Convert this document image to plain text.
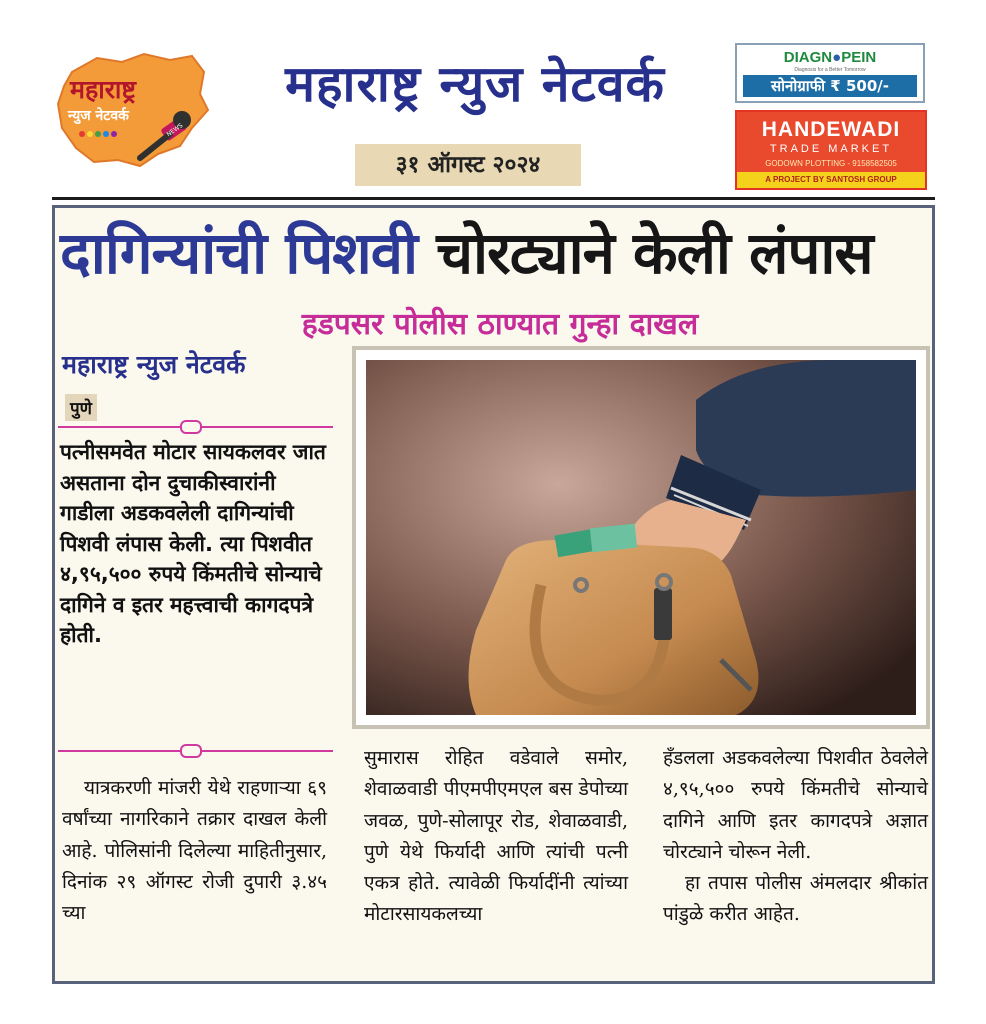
महाराष्ट्र
न्युज नेटवर्क
NEWS
महाराष्ट्र न्युज नेटवर्क
३१ ऑगस्ट २०२४
DIAGN●PEIN
Diagnosis for a Better Tomorrow
सोनोग्राफी ₹ 500/-
HANDEWADI
TRADE MARKET
GODOWN PLOTTING - 9158582505
A PROJECT BY SANTOSH GROUP
दागिन्यांची पिशवी चोरट्याने केली लंपास
हडपसर पोलीस ठाण्यात गुन्हा दाखल
महाराष्ट्र न्युज नेटवर्क
पुणे
पत्नीसमवेत मोटार सायकलवर जात असताना दोन दुचाकीस्वारांनी गाडीला अडकवलेली दागिन्यांची पिशवी लंपास केली. त्या पिशवीत ४,९५,५०० रुपये किंमतीचे सोन्याचे दागिने व इतर महत्त्वाची कागदपत्रे होती.
यात्रकरणी मांजरी येथे राहणाऱ्या ६९ वर्षांच्या नागरिकाने तक्रार दाखल केली आहे. पोलिसांनी दिलेल्या माहितीनुसार, दिनांक २९ ऑगस्ट रोजी दुपारी ३.४५ च्या
सुमारास रोहित वडेवाले समोर, शेवाळवाडी पीएमपीएमएल बस डेपोच्या जवळ, पुणे-सोलापूर रोड, शेवाळवाडी, पुणे येथे फिर्यादी आणि त्यांची पत्नी एकत्र होते. त्यावेळी फिर्यादींनी त्यांच्या मोटारसायकलच्या
हँडलला अडकवलेल्या पिशवीत ठेवलेले ४,९५,५०० रुपये किंमतीचे सोन्याचे दागिने आणि इतर कागदपत्रे अज्ञात चोरट्याने चोरून नेली.
हा तपास पोलीस अंमलदार श्रीकांत पांडुळे करीत आहेत.
